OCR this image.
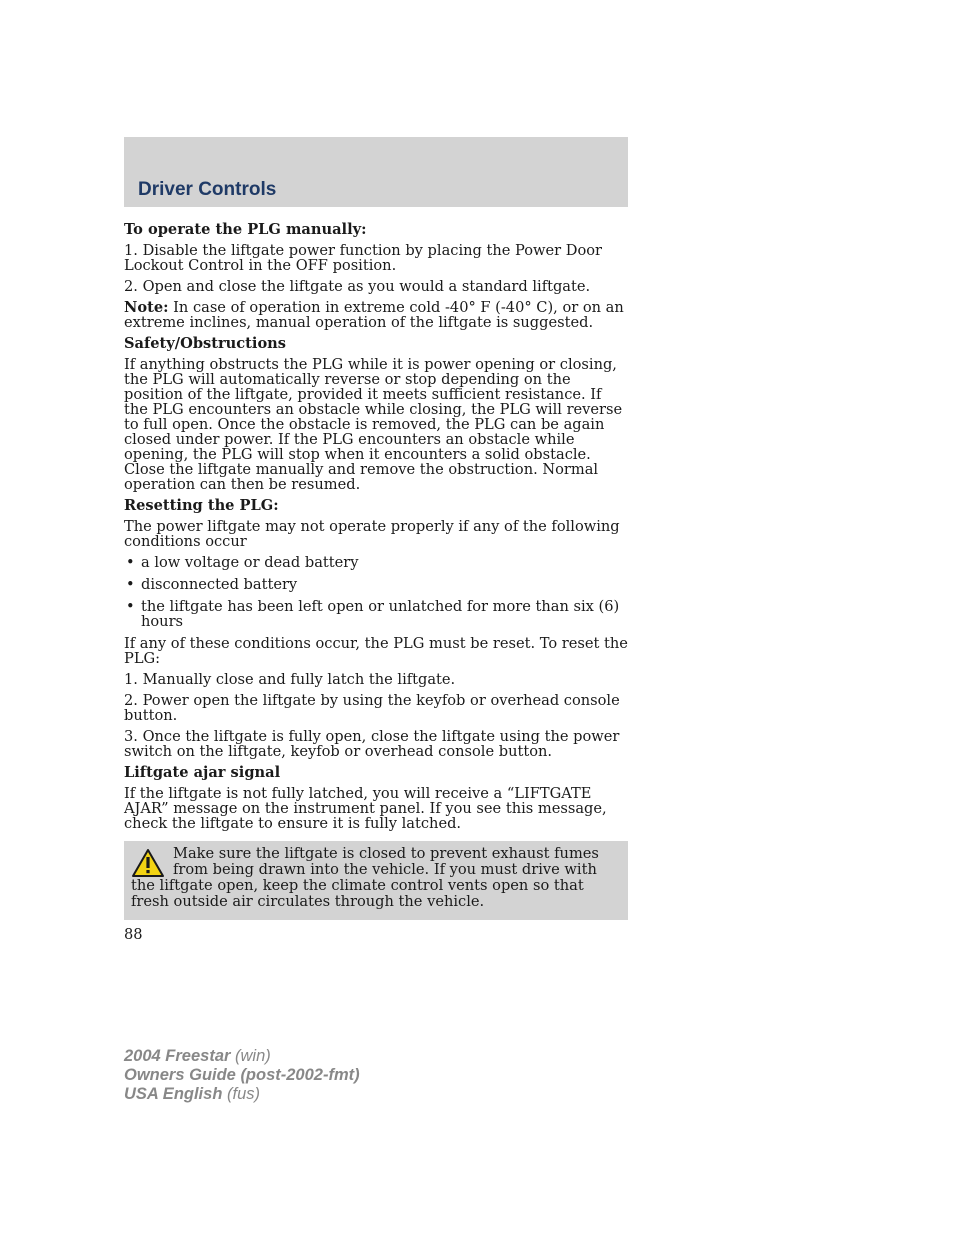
Driver Controls
To operate the PLG manually:

1. Disable the liftgate power function by placing the Power Door Lockout Control in the OFF position.

2. Open and close the liftgate as you would a standard liftgate.

Note: In case of operation in extreme cold -40° F (-40° C), or on an extreme inclines, manual operation of the liftgate is suggested.

Safety/Obstructions

If anything obstructs the PLG while it is power opening or closing, the PLG will automatically reverse or stop depending on the position of the liftgate, provided it meets sufficient resistance. If the PLG encounters an obstacle while closing, the PLG will reverse to full open. Once the obstacle is removed, the PLG can be again closed under power. If the PLG encounters an obstacle while opening, the PLG will stop when it encounters a solid obstacle. Close the liftgate manually and remove the obstruction. Normal operation can then be resumed.

Resetting the PLG:

The power liftgate may not operate properly if any of the following conditions occur

• a low voltage or dead battery
• disconnected battery
• the liftgate has been left open or unlatched for more than six (6) hours

If any of these conditions occur, the PLG must be reset. To reset the PLG:

1. Manually close and fully latch the liftgate.

2. Power open the liftgate by using the keyfob or overhead console button.

3. Once the liftgate is fully open, close the liftgate using the power switch on the liftgate, keyfob or overhead console button.

Liftgate ajar signal

If the liftgate is not fully latched, you will receive a “LIFTGATE AJAR” message on the instrument panel. If you see this message, check the liftgate to ensure it is fully latched.

Make sure the liftgate is closed to prevent exhaust fumes from being drawn into the vehicle. If you must drive with the liftgate open, keep the climate control vents open so that fresh outside air circulates through the vehicle.

88

2004 Freestar (win)
Owners Guide (post-2002-fmt)
USA English (fus)
